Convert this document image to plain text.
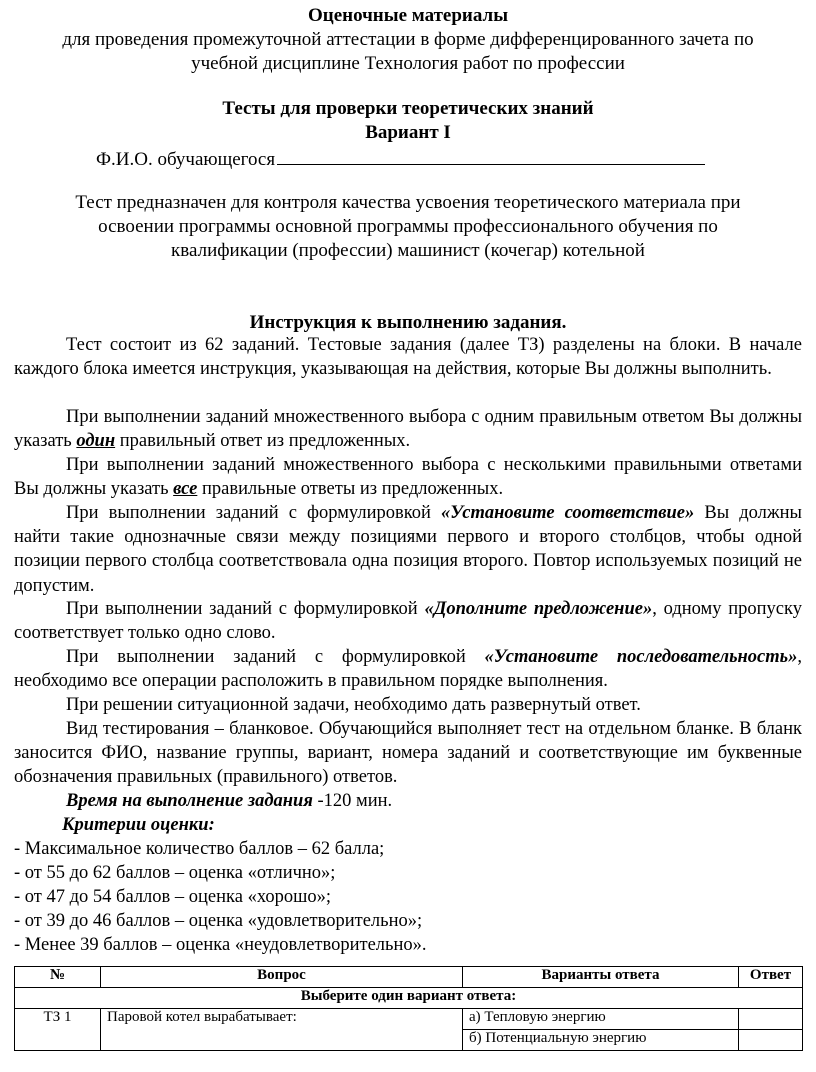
Оценочные материалы
для проведения промежуточной аттестации в форме дифференцированного зачета по
учебной дисциплине Технология работ по профессии
Тесты для проверки теоретических знаний
Вариант I
Ф.И.О. обучающегося
Тест предназначен для контроля качества усвоения теоретического материала при
освоении программы основной программы профессионального обучения по
квалификации (профессии) машинист (кочегар) котельной
Инструкция к выполнению задания.
Тест состоит из 62 заданий. Тестовые задания (далее ТЗ) разделены на блоки. В начале каждого блока имеется инструкция, указывающая на действия, которые Вы должны выполнить.
При выполнении заданий множественного выбора с одним правильным ответом Вы должны указать один правильный ответ из предложенных.
При выполнении заданий множественного выбора с несколькими правильными ответами Вы должны указать все правильные ответы из предложенных.
При выполнении заданий с формулировкой «Установите соответствие» Вы должны найти такие однозначные связи между позициями первого и второго столбцов, чтобы одной позиции первого столбца соответствовала одна позиция второго. Повтор используемых позиций не допустим.
При выполнении заданий с формулировкой «Дополните предложение», одному пропуску соответствует только одно слово.
При выполнении заданий с формулировкой «Установите последовательность», необходимо все операции расположить в правильном порядке выполнения.
При решении ситуационной задачи, необходимо дать развернутый ответ.
Вид тестирования – бланковое. Обучающийся выполняет тест на отдельном бланке. В бланк заносится ФИО, название группы, вариант, номера заданий и соответствующие им буквенные обозначения правильных (правильного) ответов.
Время на выполнение задания -120 мин.
Критерии оценки:
- Максимальное количество баллов – 62 балла;
- от 55 до 62 баллов – оценка «отлично»;
- от 47 до 54 баллов – оценка «хорошо»;
- от 39 до 46 баллов – оценка «удовлетворительно»;
- Менее 39 баллов – оценка «неудовлетворительно».
№	Вопрос	Варианты ответа	Ответ
Выберите один вариант ответа:			
ТЗ 1	Паровой котел вырабатывает:	а) Тепловую энергию	
		б) Потенциальную энергию	
